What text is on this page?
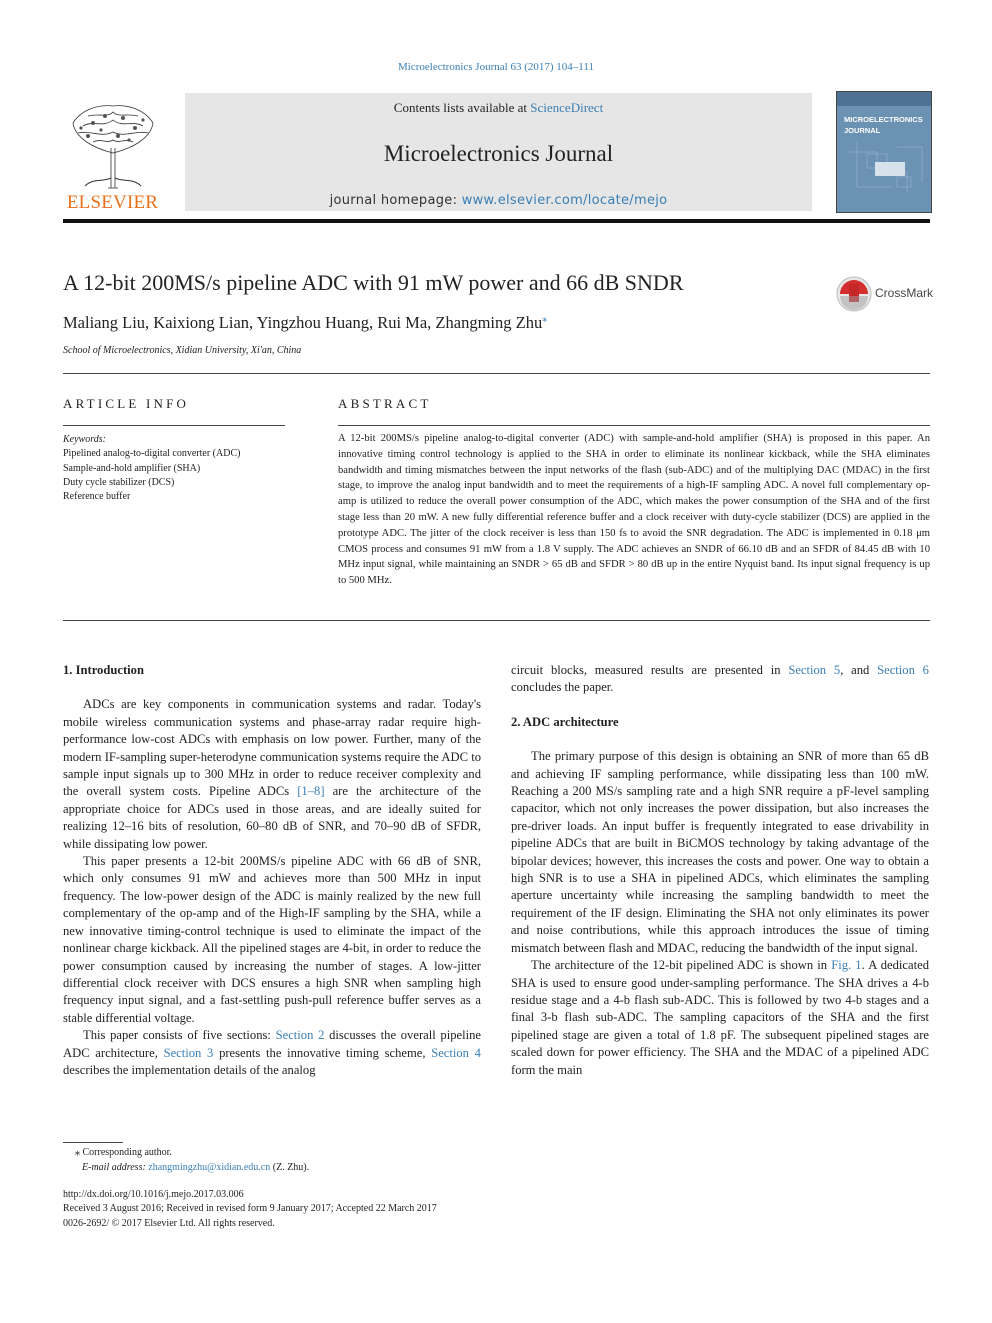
Microelectronics Journal 63 (2017) 104–111
ELSEVIER
Contents lists available at ScienceDirect
Microelectronics Journal
journal homepage: www.elsevier.com/locate/mejo
MICROELECTRONICS
JOURNAL
A 12-bit 200MS/s pipeline ADC with 91 mW power and 66 dB SNDR	CrossMark
Maliang Liu, Kaixiong Lian, Yingzhou Huang, Rui Ma, Zhangming Zhu⁎
School of Microelectronics, Xidian University, Xi'an, China
ARTICLE INFO
Keywords:
Pipelined analog-to-digital converter (ADC)
Sample-and-hold amplifier (SHA)
Duty cycle stabilizer (DCS)
Reference buffer
ABSTRACT
A 12-bit 200MS/s pipeline analog-to-digital converter (ADC) with sample-and-hold amplifier (SHA) is proposed in this paper. An innovative timing control technology is applied to the SHA in order to eliminate its nonlinear kickback, while the SHA eliminates bandwidth and timing mismatches between the input networks of the flash (sub-ADC) and of the multiplying DAC (MDAC) in the first stage, to improve the analog input bandwidth and to meet the requirements of a high-IF sampling ADC. A novel full complementary op-amp is utilized to reduce the overall power consumption of the ADC, which makes the power consumption of the SHA and of the first stage less than 20 mW. A new fully differential reference buffer and a clock receiver with duty-cycle stabilizer (DCS) are applied in the prototype ADC. The jitter of the clock receiver is less than 150 fs to avoid the SNR degradation. The ADC is implemented in 0.18 μm CMOS process and consumes 91 mW from a 1.8 V supply. The ADC achieves an SNDR of 66.10 dB and an SFDR of 84.45 dB with 10 MHz input signal, while maintaining an SNDR > 65 dB and SFDR > 80 dB up in the entire Nyquist band. Its input signal frequency is up to 500 MHz.
1. Introduction

ADCs are key components in communication systems and radar. Today's mobile wireless communication systems and phase-array radar require high-performance low-cost ADCs with emphasis on low power. Further, many of the modern IF-sampling super-heterodyne communication systems require the ADC to sample input signals up to 300 MHz in order to reduce receiver complexity and the overall system costs. Pipeline ADCs [1–8] are the architecture of the appropriate choice for ADCs used in those areas, and are ideally suited for realizing 12–16 bits of resolution, 60–80 dB of SNR, and 70–90 dB of SFDR, while dissipating low power.

This paper presents a 12-bit 200MS/s pipeline ADC with 66 dB of SNR, which only consumes 91 mW and achieves more than 500 MHz in input frequency. The low-power design of the ADC is mainly realized by the new full complementary of the op-amp and of the High-IF sampling by the SHA, while a new innovative timing-control technique is used to eliminate the impact of the nonlinear charge kickback. All the pipelined stages are 4-bit, in order to reduce the power consumption caused by increasing the number of stages. A low-jitter differential clock receiver with DCS ensures a high SNR when sampling high frequency input signal, and a fast-settling push-pull reference buffer serves as a stable differential voltage.

This paper consists of five sections: Section 2 discusses the overall pipeline ADC architecture, Section 3 presents the innovative timing scheme, Section 4 describes the implementation details of the analog

circuit blocks, measured results are presented in Section 5, and Section 6 concludes the paper.

2. ADC architecture

The primary purpose of this design is obtaining an SNR of more than 65 dB and achieving IF sampling performance, while dissipating less than 100 mW. Reaching a 200 MS/s sampling rate and a high SNR require a pF-level sampling capacitor, which not only increases the power dissipation, but also increases the pre-driver loads. An input buffer is frequently integrated to ease drivability in pipeline ADCs that are built in BiCMOS technology by taking advantage of the bipolar devices; however, this increases the costs and power. One way to obtain a high SNR is to use a SHA in pipelined ADCs, which eliminates the sampling aperture uncertainty while increasing the sampling bandwidth to meet the requirement of the IF design. Eliminating the SHA not only eliminates its power and noise contributions, while this approach introduces the issue of timing mismatch between flash and MDAC, reducing the bandwidth of the input signal.

The architecture of the 12-bit pipelined ADC is shown in Fig. 1. A dedicated SHA is used to ensure good under-sampling performance. The SHA drives a 4-b residue stage and a 4-b flash sub-ADC. This is followed by two 4-b stages and a final 3-b flash sub-ADC. The sampling capacitors of the SHA and the first pipelined stage are given a total of 1.8 pF. The subsequent pipelined stages are scaled down for power efficiency. The SHA and the MDAC of a pipelined ADC form the main

⁎ Corresponding author.
E-mail address: zhangmingzhu@xidian.edu.cn (Z. Zhu).
http://dx.doi.org/10.1016/j.mejo.2017.03.006
Received 3 August 2016; Received in revised form 9 January 2017; Accepted 22 March 2017
0026-2692/ © 2017 Elsevier Ltd. All rights reserved.
